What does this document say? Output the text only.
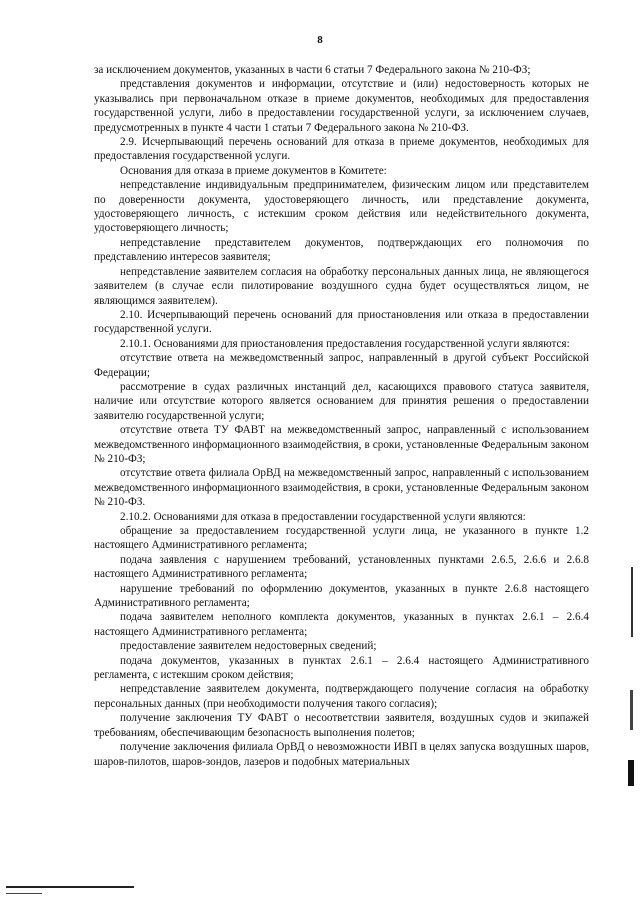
8

за исключением документов, указанных в части 6 статьи 7 Федерального закона № 210-ФЗ;

представления документов и информации, отсутствие и (или) недостоверность которых не указывались при первоначальном отказе в приеме документов, необходимых для предоставления государственной услуги, либо в предоставлении государственной услуги, за исключением случаев, предусмотренных в пункте 4 части 1 статьи 7 Федерального закона № 210-ФЗ.

2.9. Исчерпывающий перечень оснований для отказа в приеме документов, необходимых для предоставления государственной услуги.

Основания для отказа в приеме документов в Комитете:

непредставление индивидуальным предпринимателем, физическим лицом или представителем по доверенности документа, удостоверяющего личность, или представление документа, удостоверяющего личность, с истекшим сроком действия или недействительного документа, удостоверяющего личность;

непредставление представителем документов, подтверждающих его полномочия по представлению интересов заявителя;

непредставление заявителем согласия на обработку персональных данных лица, не являющегося заявителем (в случае если пилотирование воздушного судна будет осуществляться лицом, не являющимся заявителем).

2.10. Исчерпывающий перечень оснований для приостановления или отказа в предоставлении государственной услуги.

2.10.1. Основаниями для приостановления предоставления государственной услуги являются:

отсутствие ответа на межведомственный запрос, направленный в другой субъект Российской Федерации;

рассмотрение в судах различных инстанций дел, касающихся правового статуса заявителя, наличие или отсутствие которого является основанием для принятия решения о предоставлении заявителю государственной услуги;

отсутствие ответа ТУ ФАВТ на межведомственный запрос, направленный с использованием межведомственного информационного взаимодействия, в сроки, установленные Федеральным законом № 210-ФЗ;

отсутствие ответа филиала ОрВД на межведомственный запрос, направленный с использованием межведомственного информационного взаимодействия, в сроки, установленные Федеральным законом № 210-ФЗ.

2.10.2. Основаниями для отказа в предоставлении государственной услуги являются:

обращение за предоставлением государственной услуги лица, не указанного в пункте 1.2 настоящего Административного регламента;

подача заявления с нарушением требований, установленных пунктами 2.6.5, 2.6.6 и 2.6.8 настоящего Административного регламента;

нарушение требований по оформлению документов, указанных в пункте 2.6.8 настоящего Административного регламента;

подача заявителем неполного комплекта документов, указанных в пунктах 2.6.1 – 2.6.4 настоящего Административного регламента;

предоставление заявителем недостоверных сведений;

подача документов, указанных в пунктах 2.6.1 – 2.6.4 настоящего Административного регламента, с истекшим сроком действия;

непредставление заявителем документа, подтверждающего получение согласия на обработку персональных данных (при необходимости получения такого согласия);

получение заключения ТУ ФАВТ о несоответствии заявителя, воздушных судов и экипажей требованиям, обеспечивающим безопасность выполнения полетов;

получение заключения филиала ОрВД о невозможности ИВП в целях запуска воздушных шаров, шаров-пилотов, шаров-зондов, лазеров и подобных материальных
